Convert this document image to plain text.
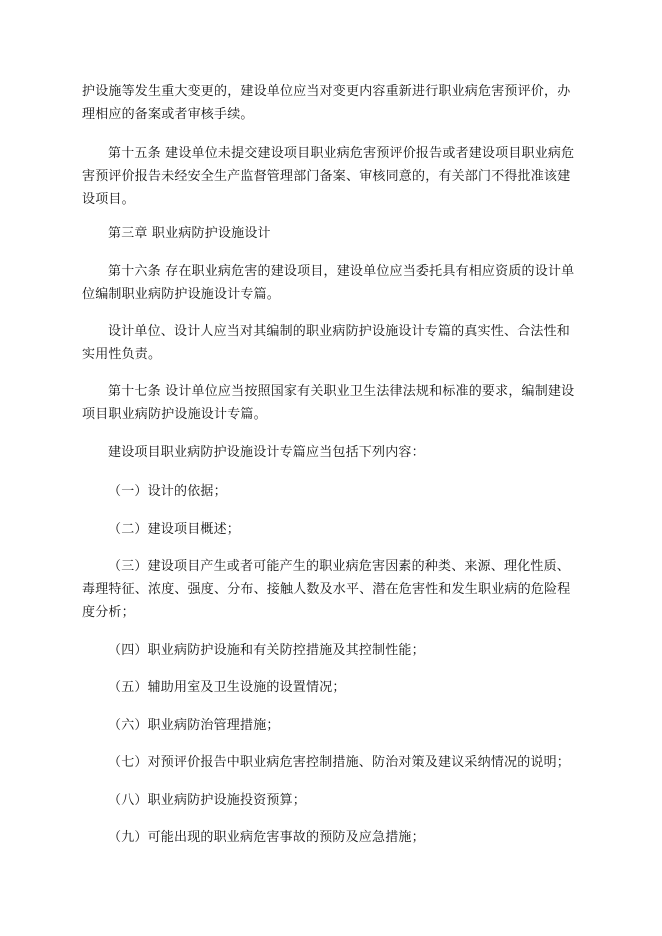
护设施等发生重大变更的，建设单位应当对变更内容重新进行职业病危害预评价，办理相应的备案或者审核手续。

第十五条 建设单位未提交建设项目职业病危害预评价报告或者建设项目职业病危害预评价报告未经安全生产监督管理部门备案、审核同意的，有关部门不得批准该建设项目。

第三章 职业病防护设施设计

第十六条 存在职业病危害的建设项目，建设单位应当委托具有相应资质的设计单位编制职业病防护设施设计专篇。

设计单位、设计人应当对其编制的职业病防护设施设计专篇的真实性、合法性和实用性负责。

第十七条 设计单位应当按照国家有关职业卫生法律法规和标准的要求，编制建设项目职业病防护设施设计专篇。

建设项目职业病防护设施设计专篇应当包括下列内容：

（一）设计的依据；

（二）建设项目概述；

（三）建设项目产生或者可能产生的职业病危害因素的种类、来源、理化性质、毒理特征、浓度、强度、分布、接触人数及水平、潜在危害性和发生职业病的危险程度分析；

（四）职业病防护设施和有关防控措施及其控制性能；

（五）辅助用室及卫生设施的设置情况；

（六）职业病防治管理措施；

（七）对预评价报告中职业病危害控制措施、防治对策及建议采纳情况的说明；

（八）职业病防护设施投资预算；

（九）可能出现的职业病危害事故的预防及应急措施；
